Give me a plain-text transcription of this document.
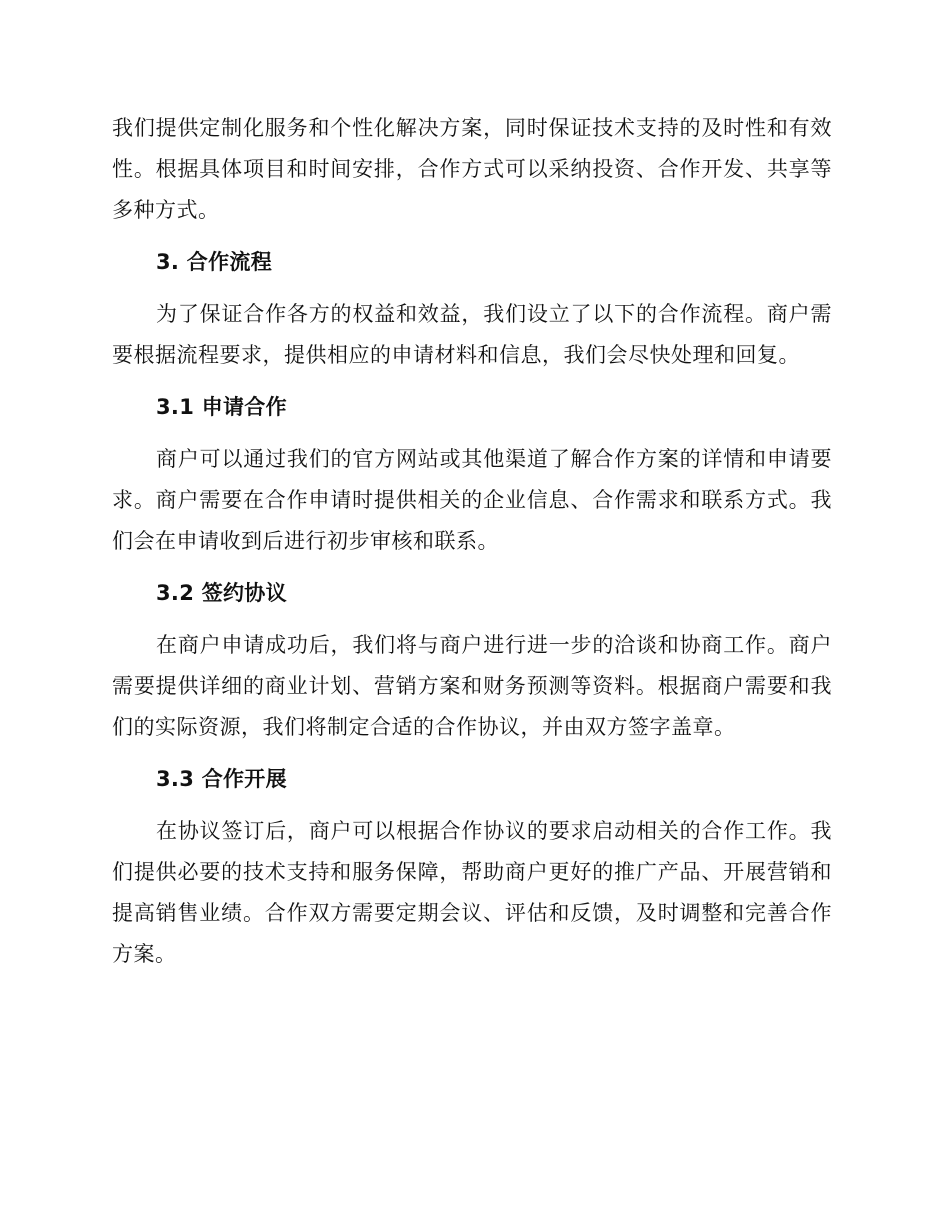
我们提供定制化服务和个性化解决方案，同时保证技术支持的及时性和有效性。根据具体项目和时间安排，合作方式可以采纳投资、合作开发、共享等多种方式。

3. 合作流程

为了保证合作各方的权益和效益，我们设立了以下的合作流程。商户需要根据流程要求，提供相应的申请材料和信息，我们会尽快处理和回复。

3.1 申请合作

商户可以通过我们的官方网站或其他渠道了解合作方案的详情和申请要求。商户需要在合作申请时提供相关的企业信息、合作需求和联系方式。我们会在申请收到后进行初步审核和联系。

3.2 签约协议

在商户申请成功后，我们将与商户进行进一步的洽谈和协商工作。商户需要提供详细的商业计划、营销方案和财务预测等资料。根据商户需要和我们的实际资源，我们将制定合适的合作协议，并由双方签字盖章。

3.3 合作开展

在协议签订后，商户可以根据合作协议的要求启动相关的合作工作。我们提供必要的技术支持和服务保障，帮助商户更好的推广产品、开展营销和提高销售业绩。合作双方需要定期会议、评估和反馈，及时调整和完善合作方案。
